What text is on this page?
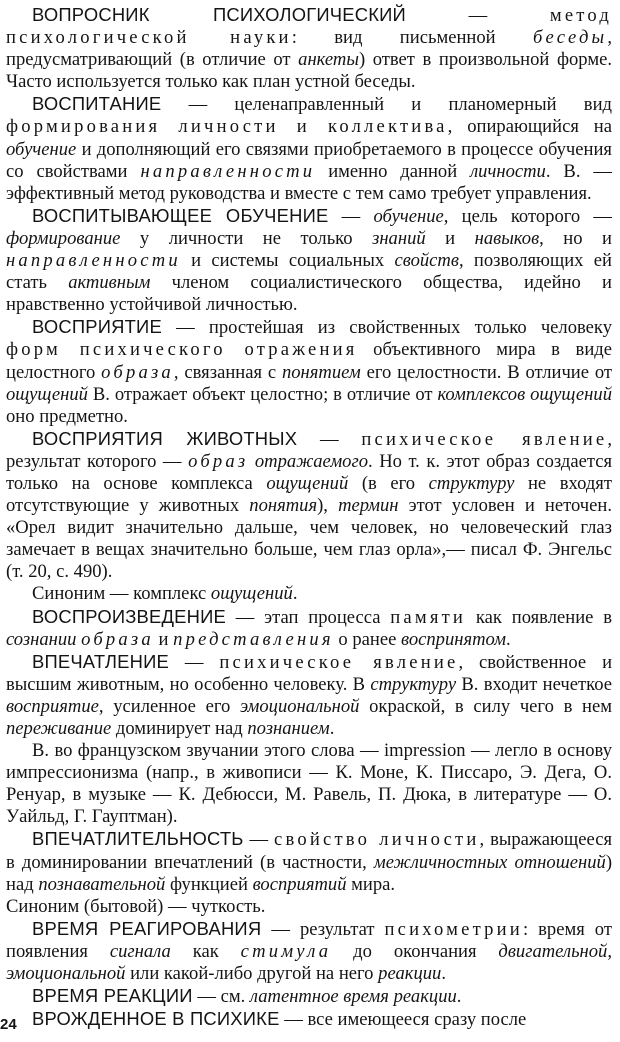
ВОПРОСНИК ПСИХОЛОГИЧЕСКИЙ — метод психологической науки: вид письменной беседы, предусматривающий (в отличие от анкеты) ответ в произвольной форме. Часто используется только как план устной беседы.

ВОСПИТАНИЕ — целенаправленный и планомерный вид формирования личности и коллектива, опирающийся на обучение и дополняющий его связями приобретаемого в процессе обучения со свойствами направленности именно данной личности. В. — эффективный метод руководства и вместе с тем само требует управления.

ВОСПИТЫВАЮЩЕЕ ОБУЧЕНИЕ — обучение, цель которого — формирование у личности не только знаний и навыков, но и направленности и системы социальных свойств, позволяющих ей стать активным членом социалистического общества, идейно и нравственно устойчивой личностью.

ВОСПРИЯТИЕ — простейшая из свойственных только человеку форм психического отражения объективного мира в виде целостного образа, связанная с понятием его целостности. В отличие от ощущений В. отражает объект целостно; в отличие от комплексов ощущений оно предметно.

ВОСПРИЯТИЯ ЖИВОТНЫХ — психическое явление, результат которого — образ отражаемого. Но т. к. этот образ создается только на основе комплекса ощущений (в его структуру не входят отсутствующие у животных понятия), термин этот условен и неточен. «Орел видит значительно дальше, чем человек, но человеческий глаз замечает в вещах значительно больше, чем глаз орла»,— писал Ф. Энгельс (т. 20, с. 490).

Синоним — комплекс ощущений.

ВОСПРОИЗВЕДЕНИЕ — этап процесса памяти как появление в сознании образа и представления о ранее воспринятом.

ВПЕЧАТЛЕНИЕ — психическое явление, свойственное и высшим животным, но особенно человеку. В структуру В. входит нечеткое восприятие, усиленное его эмоциональной окраской, в силу чего в нем переживание доминирует над познанием.

В. во французском звучании этого слова — impression — легло в основу импрессионизма (напр., в живописи — К. Моне, К. Писсаро, Э. Дега, О. Ренуар, в музыке — К. Дебюсси, М. Равель, П. Дюка, в литературе — О. Уайльд, Г. Гауптман).

ВПЕЧАТЛИТЕЛЬНОСТЬ — свойство личности, выражающееся в доминировании впечатлений (в частности, межличностных отношений) над познавательной функцией восприятий мира.

Синоним (бытовой) — чуткость.

ВРЕМЯ РЕАГИРОВАНИЯ — результат психометрии: время от появления сигнала как стимула до окончания двигательной, эмоциональной или какой-либо другой на него реакции.

ВРЕМЯ РЕАКЦИИ — см. латентное время реакции.

ВРОЖДЕННОЕ В ПСИХИКЕ — все имеющееся сразу после

24
